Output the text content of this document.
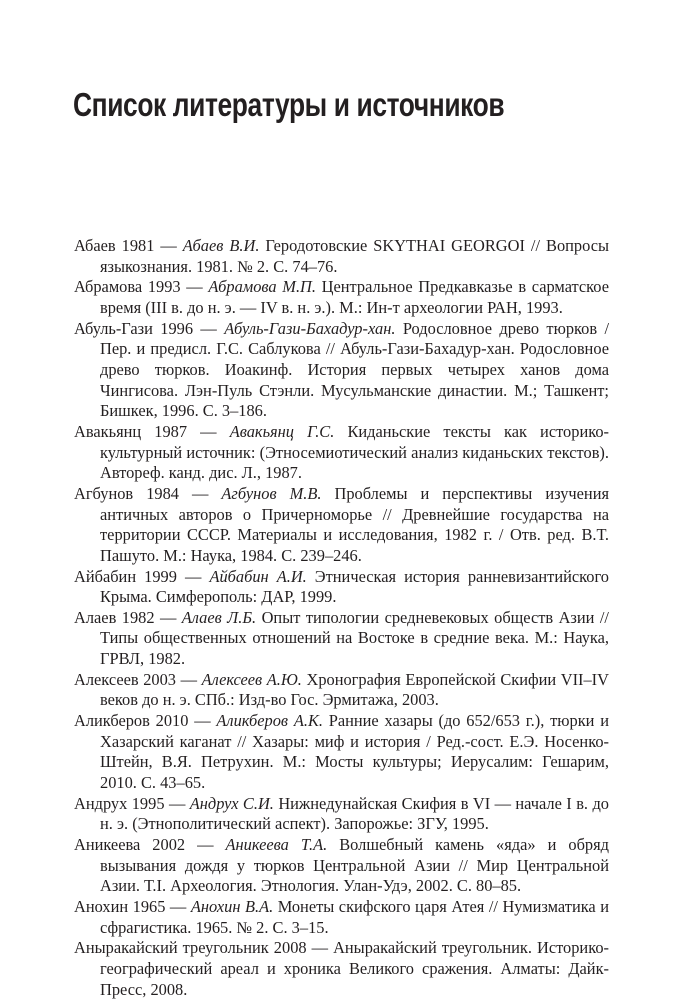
Список литературы и источников
Абаев 1981 — Абаев В.И. Геродотовские SKYTHAI GEORGOI // Вопросы языкознания. 1981. № 2. С. 74–76.
Абрамова 1993 — Абрамова М.П. Центральное Предкавказье в сарматское время (III в. до н. э. — IV в. н. э.). М.: Ин-т археологии РАН, 1993.
Абуль-Гази 1996 — Абуль-Гази-Бахадур-хан. Родословное древо тюрков / Пер. и предисл. Г.С. Саблукова // Абуль-Гази-Бахадур-хан. Родословное древо тюрков. Иоакинф. История первых четырех ханов дома Чингисова. Лэн-Пуль Стэнли. Мусульманские династии. М.; Ташкент; Бишкек, 1996. С. 3–186.
Авакьянц 1987 — Авакьянц Г.С. Киданьские тексты как историко-культурный источник: (Этносемиотический анализ киданьских текстов). Автореф. канд. дис. Л., 1987.
Агбунов 1984 — Агбунов М.В. Проблемы и перспективы изучения античных авторов о Причерноморье // Древнейшие государства на территории СССР. Материалы и исследования, 1982 г. / Отв. ред. В.Т. Пашуто. М.: Наука, 1984. С. 239–246.
Айбабин 1999 — Айбабин А.И. Этническая история ранневизантийского Крыма. Симферополь: ДАР, 1999.
Алаев 1982 — Алаев Л.Б. Опыт типологии средневековых обществ Азии // Типы общественных отношений на Востоке в средние века. М.: Наука, ГРВЛ, 1982.
Алексеев 2003 — Алексеев А.Ю. Хронография Европейской Скифии VII–IV веков до н. э. СПб.: Изд-во Гос. Эрмитажа, 2003.
Аликберов 2010 — Аликберов А.К. Ранние хазары (до 652/653 г.), тюрки и Хазарский каганат // Хазары: миф и история / Ред.-сост. Е.Э. Носенко-Штейн, В.Я. Петрухин. М.: Мосты культуры; Иерусалим: Гешарим, 2010. С. 43–65.
Андрух 1995 — Андрух С.И. Нижнедунайская Скифия в VI — начале I в. до н. э. (Этнополитический аспект). Запорожье: ЗГУ, 1995.
Аникеева 2002 — Аникеева Т.А. Волшебный камень «яда» и обряд вызывания дождя у тюрков Центральной Азии // Мир Центральной Азии. Т.I. Археология. Этнология. Улан-Удэ, 2002. С. 80–85.
Анохин 1965 — Анохин В.А. Монеты скифского царя Атея // Нумизматика и сфрагистика. 1965. № 2. С. 3–15.
Аныракайский треугольник 2008 — Аныракайский треугольник. Историко-географический ареал и хроника Великого сражения. Алматы: Дайк-Пресс, 2008.
